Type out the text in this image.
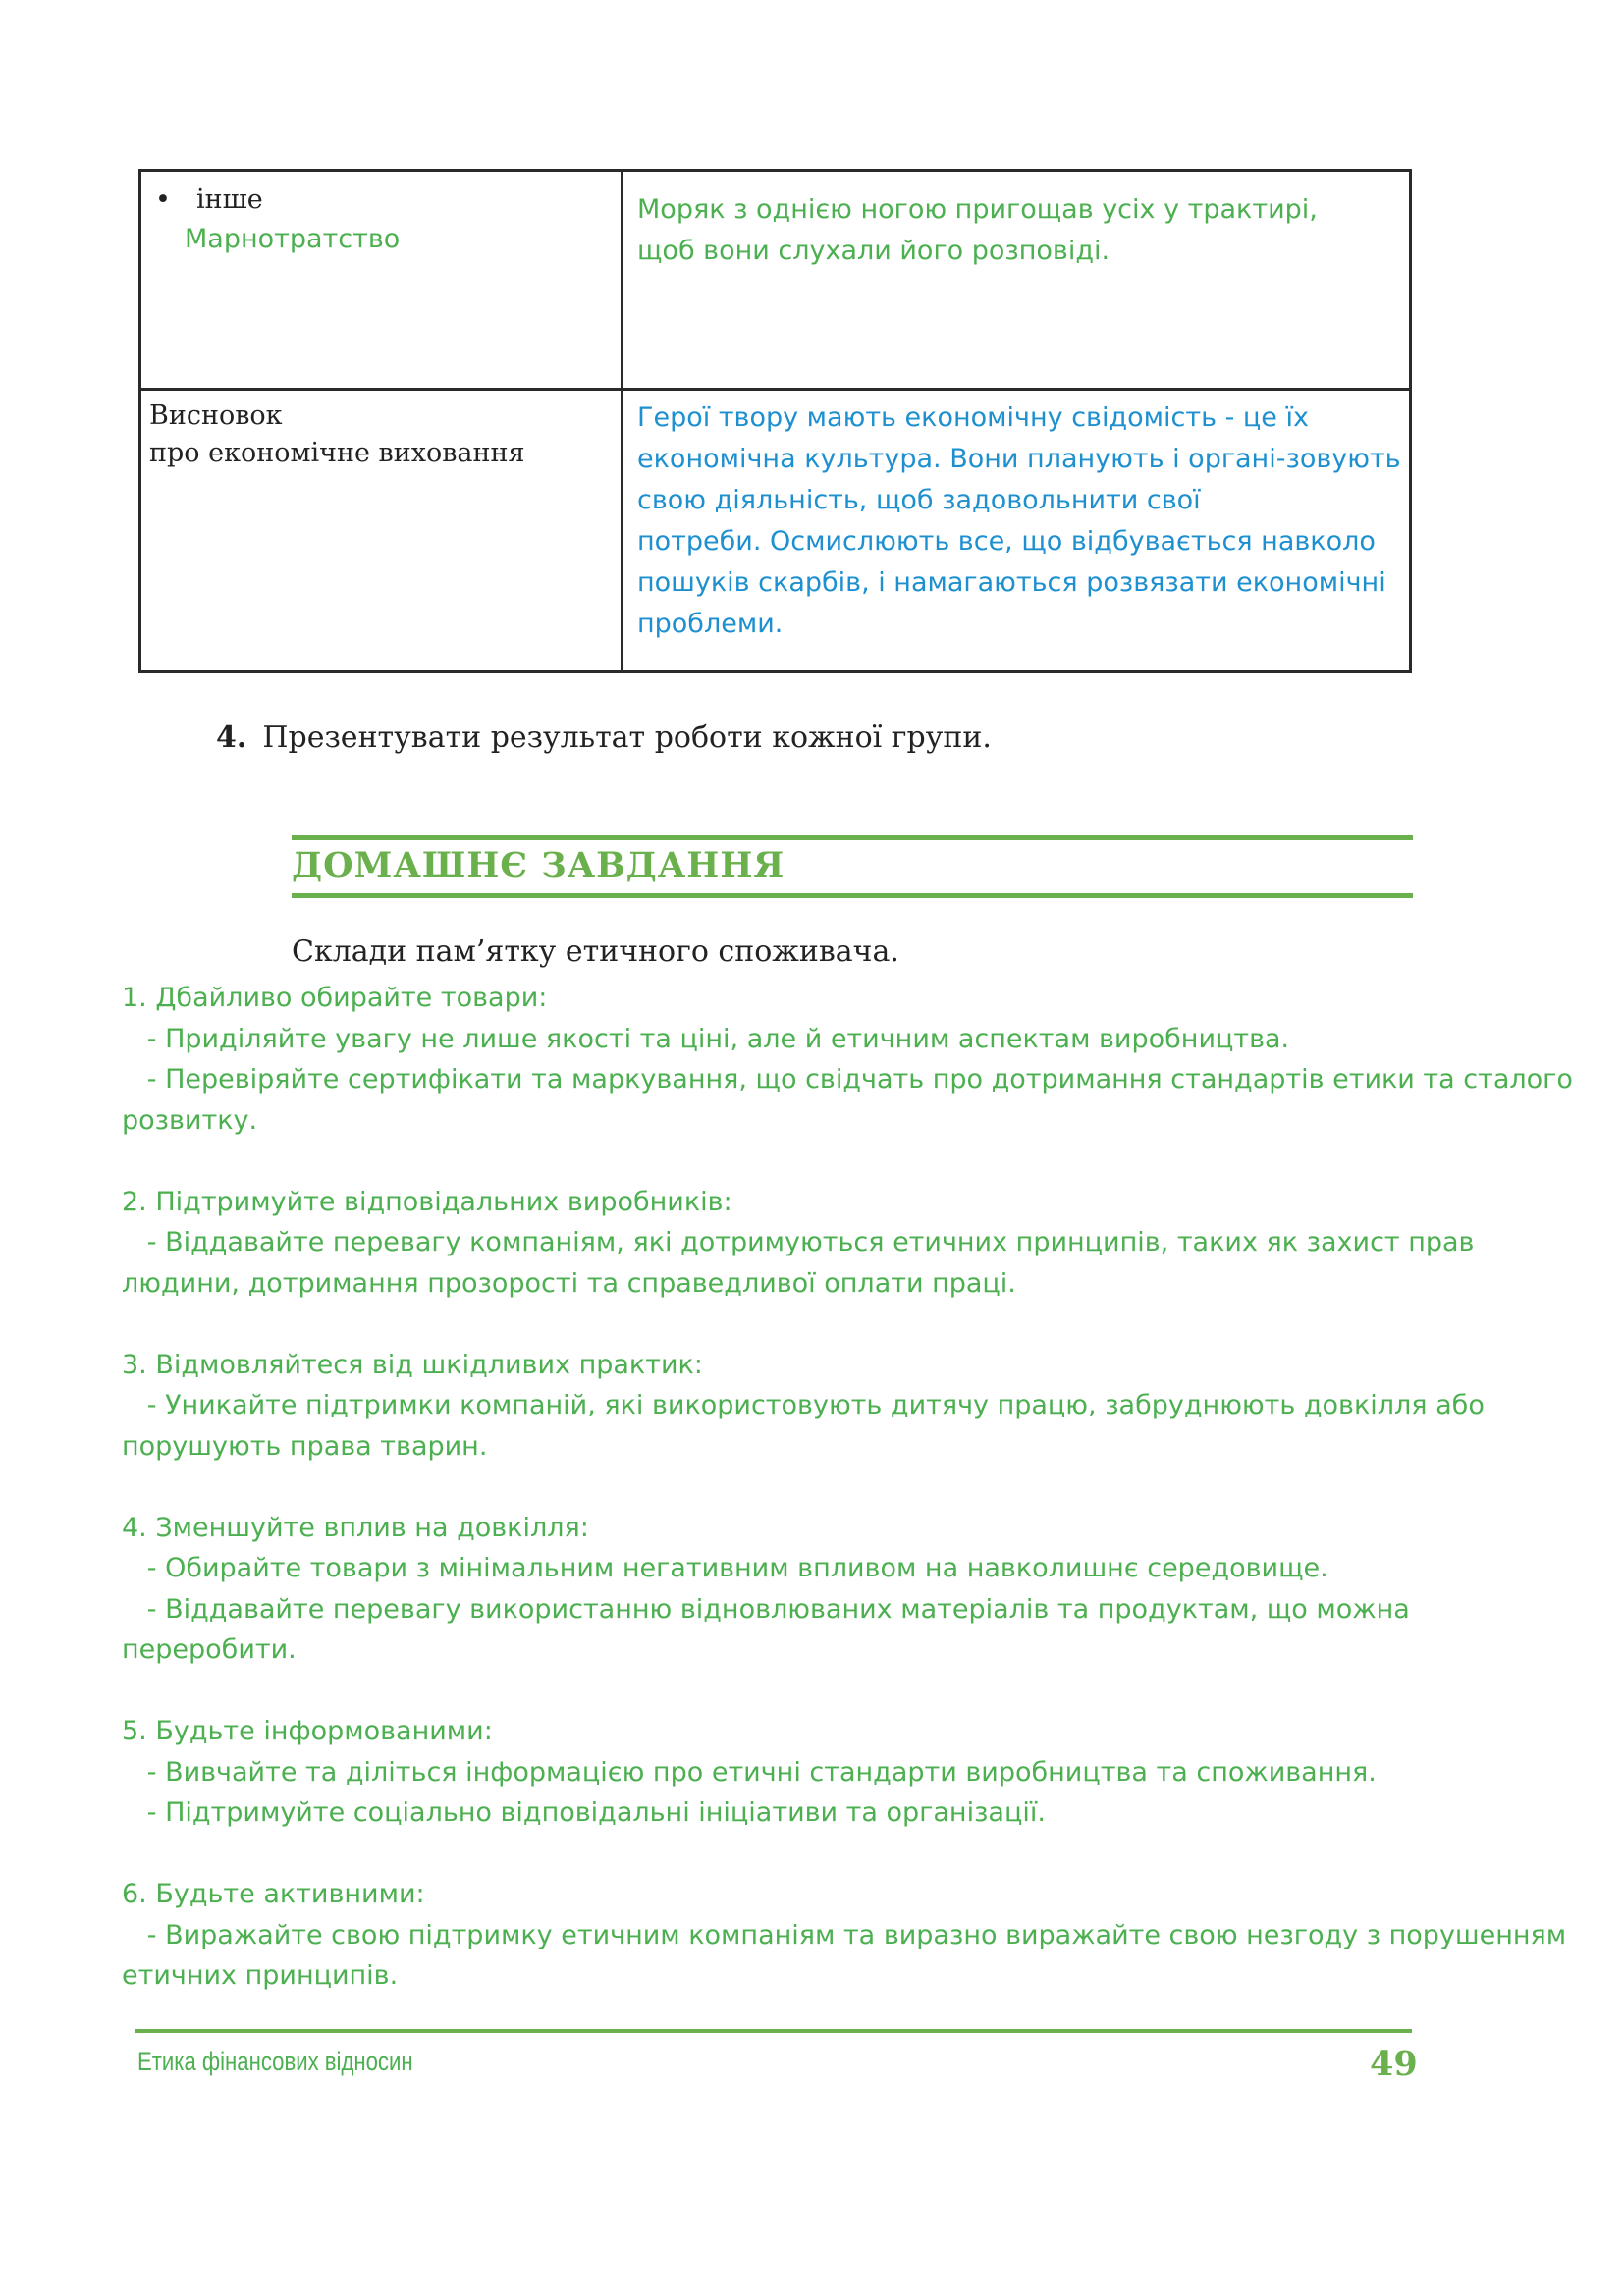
• інше
Марнотратство
Моряк з однією ногою пригощав усіх у трактирі,
щоб вони слухали його розповіді.
Висновок
про економічне виховання
Герої твору мають економічну свідомість - це їх
економічна культура. Вони планують і органі-зовують
свою діяльність, щоб задовольнити свої
потреби. Осмислюють все, що відбувається навколо
пошуків скарбів, і намагаються розвязати економічні
проблеми.
4. Презентувати результат роботи кожної групи.
ДОМАШНЄ ЗАВДАННЯ
Склади пам’ятку етичного споживача.
1. Дбайливо обирайте товари:
- Приділяйте увагу не лише якості та ціні, але й етичним аспектам виробництва.
- Перевіряйте сертифікати та маркування, що свідчать про дотримання стандартів етики та сталого
розвитку.
2. Підтримуйте відповідальних виробників:
- Віддавайте перевагу компаніям, які дотримуються етичних принципів, таких як захист прав
людини, дотримання прозорості та справедливої оплати праці.
3. Відмовляйтеся від шкідливих практик:
- Уникайте підтримки компаній, які використовують дитячу працю, забруднюють довкілля або
порушують права тварин.
4. Зменшуйте вплив на довкілля:
- Обирайте товари з мінімальним негативним впливом на навколишнє середовище.
- Віддавайте перевагу використанню відновлюваних матеріалів та продуктам, що можна
переробити.
5. Будьте інформованими:
- Вивчайте та діліться інформацією про етичні стандарти виробництва та споживання.
- Підтримуйте соціально відповідальні ініціативи та організації.
6. Будьте активними:
- Виражайте свою підтримку етичним компаніям та виразно виражайте свою незгоду з порушенням
етичних принципів.
Етика фінансових відносин	49
